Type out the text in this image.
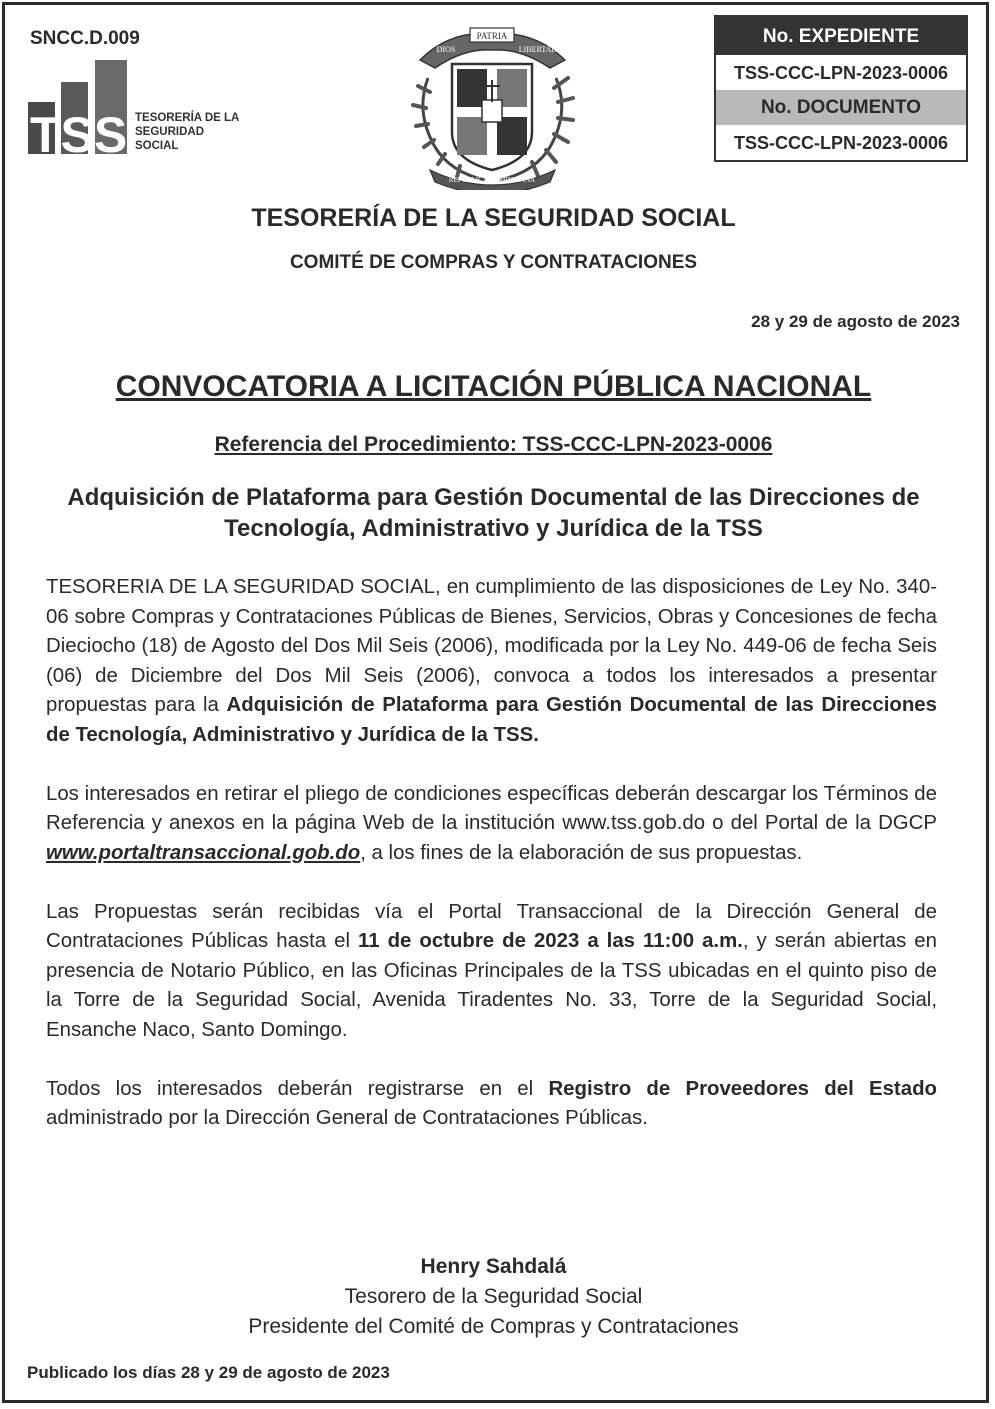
SNCC.D.009
TSS TESORERÍA DE LA
SEGURIDAD
SOCIAL
PATRIA
DIOS	LIBERTAD
REPÚBLICA DOMINICANA
No. EXPEDIENTE
TSS-CCC-LPN-2023-0006
No. DOCUMENTO
TSS-CCC-LPN-2023-0006
TESORERÍA DE LA SEGURIDAD SOCIAL
COMITÉ DE COMPRAS Y CONTRATACIONES
28 y 29 de agosto de 2023
CONVOCATORIA A LICITACIÓN PÚBLICA NACIONAL
Referencia del Procedimiento: TSS-CCC-LPN-2023-0006
Adquisición de Plataforma para Gestión Documental de las Direcciones de Tecnología, Administrativo y Jurídica de la TSS

TESORERIA DE LA SEGURIDAD SOCIAL, en cumplimiento de las disposiciones de Ley No. 340-06 sobre Compras y Contrataciones Públicas de Bienes, Servicios, Obras y Concesiones de fecha Dieciocho (18) de Agosto del Dos Mil Seis (2006), modificada por la Ley No. 449-06 de fecha Seis (06) de Diciembre del Dos Mil Seis (2006), convoca a todos los interesados a presentar propuestas para la Adquisición de Plataforma para Gestión Documental de las Direcciones de Tecnología, Administrativo y Jurídica de la TSS.

Los interesados en retirar el pliego de condiciones específicas deberán descargar los Términos de Referencia y anexos en la página Web de la institución www.tss.gob.do o del Portal de la DGCP www.portaltransaccional.gob.do, a los fines de la elaboración de sus propuestas.

Las Propuestas serán recibidas vía el Portal Transaccional de la Dirección General de Contrataciones Públicas hasta el 11 de octubre de 2023 a las 11:00 a.m., y serán abiertas en presencia de Notario Público, en las Oficinas Principales de la TSS ubicadas en el quinto piso de la Torre de la Seguridad Social, Avenida Tiradentes No. 33, Torre de la Seguridad Social, Ensanche Naco, Santo Domingo.

Todos los interesados deberán registrarse en el Registro de Proveedores del Estado administrado por la Dirección General de Contrataciones Públicas.

Henry Sahdalá
Tesorero de la Seguridad Social
Presidente del Comité de Compras y Contrataciones
Publicado los días 28 y 29 de agosto de 2023
